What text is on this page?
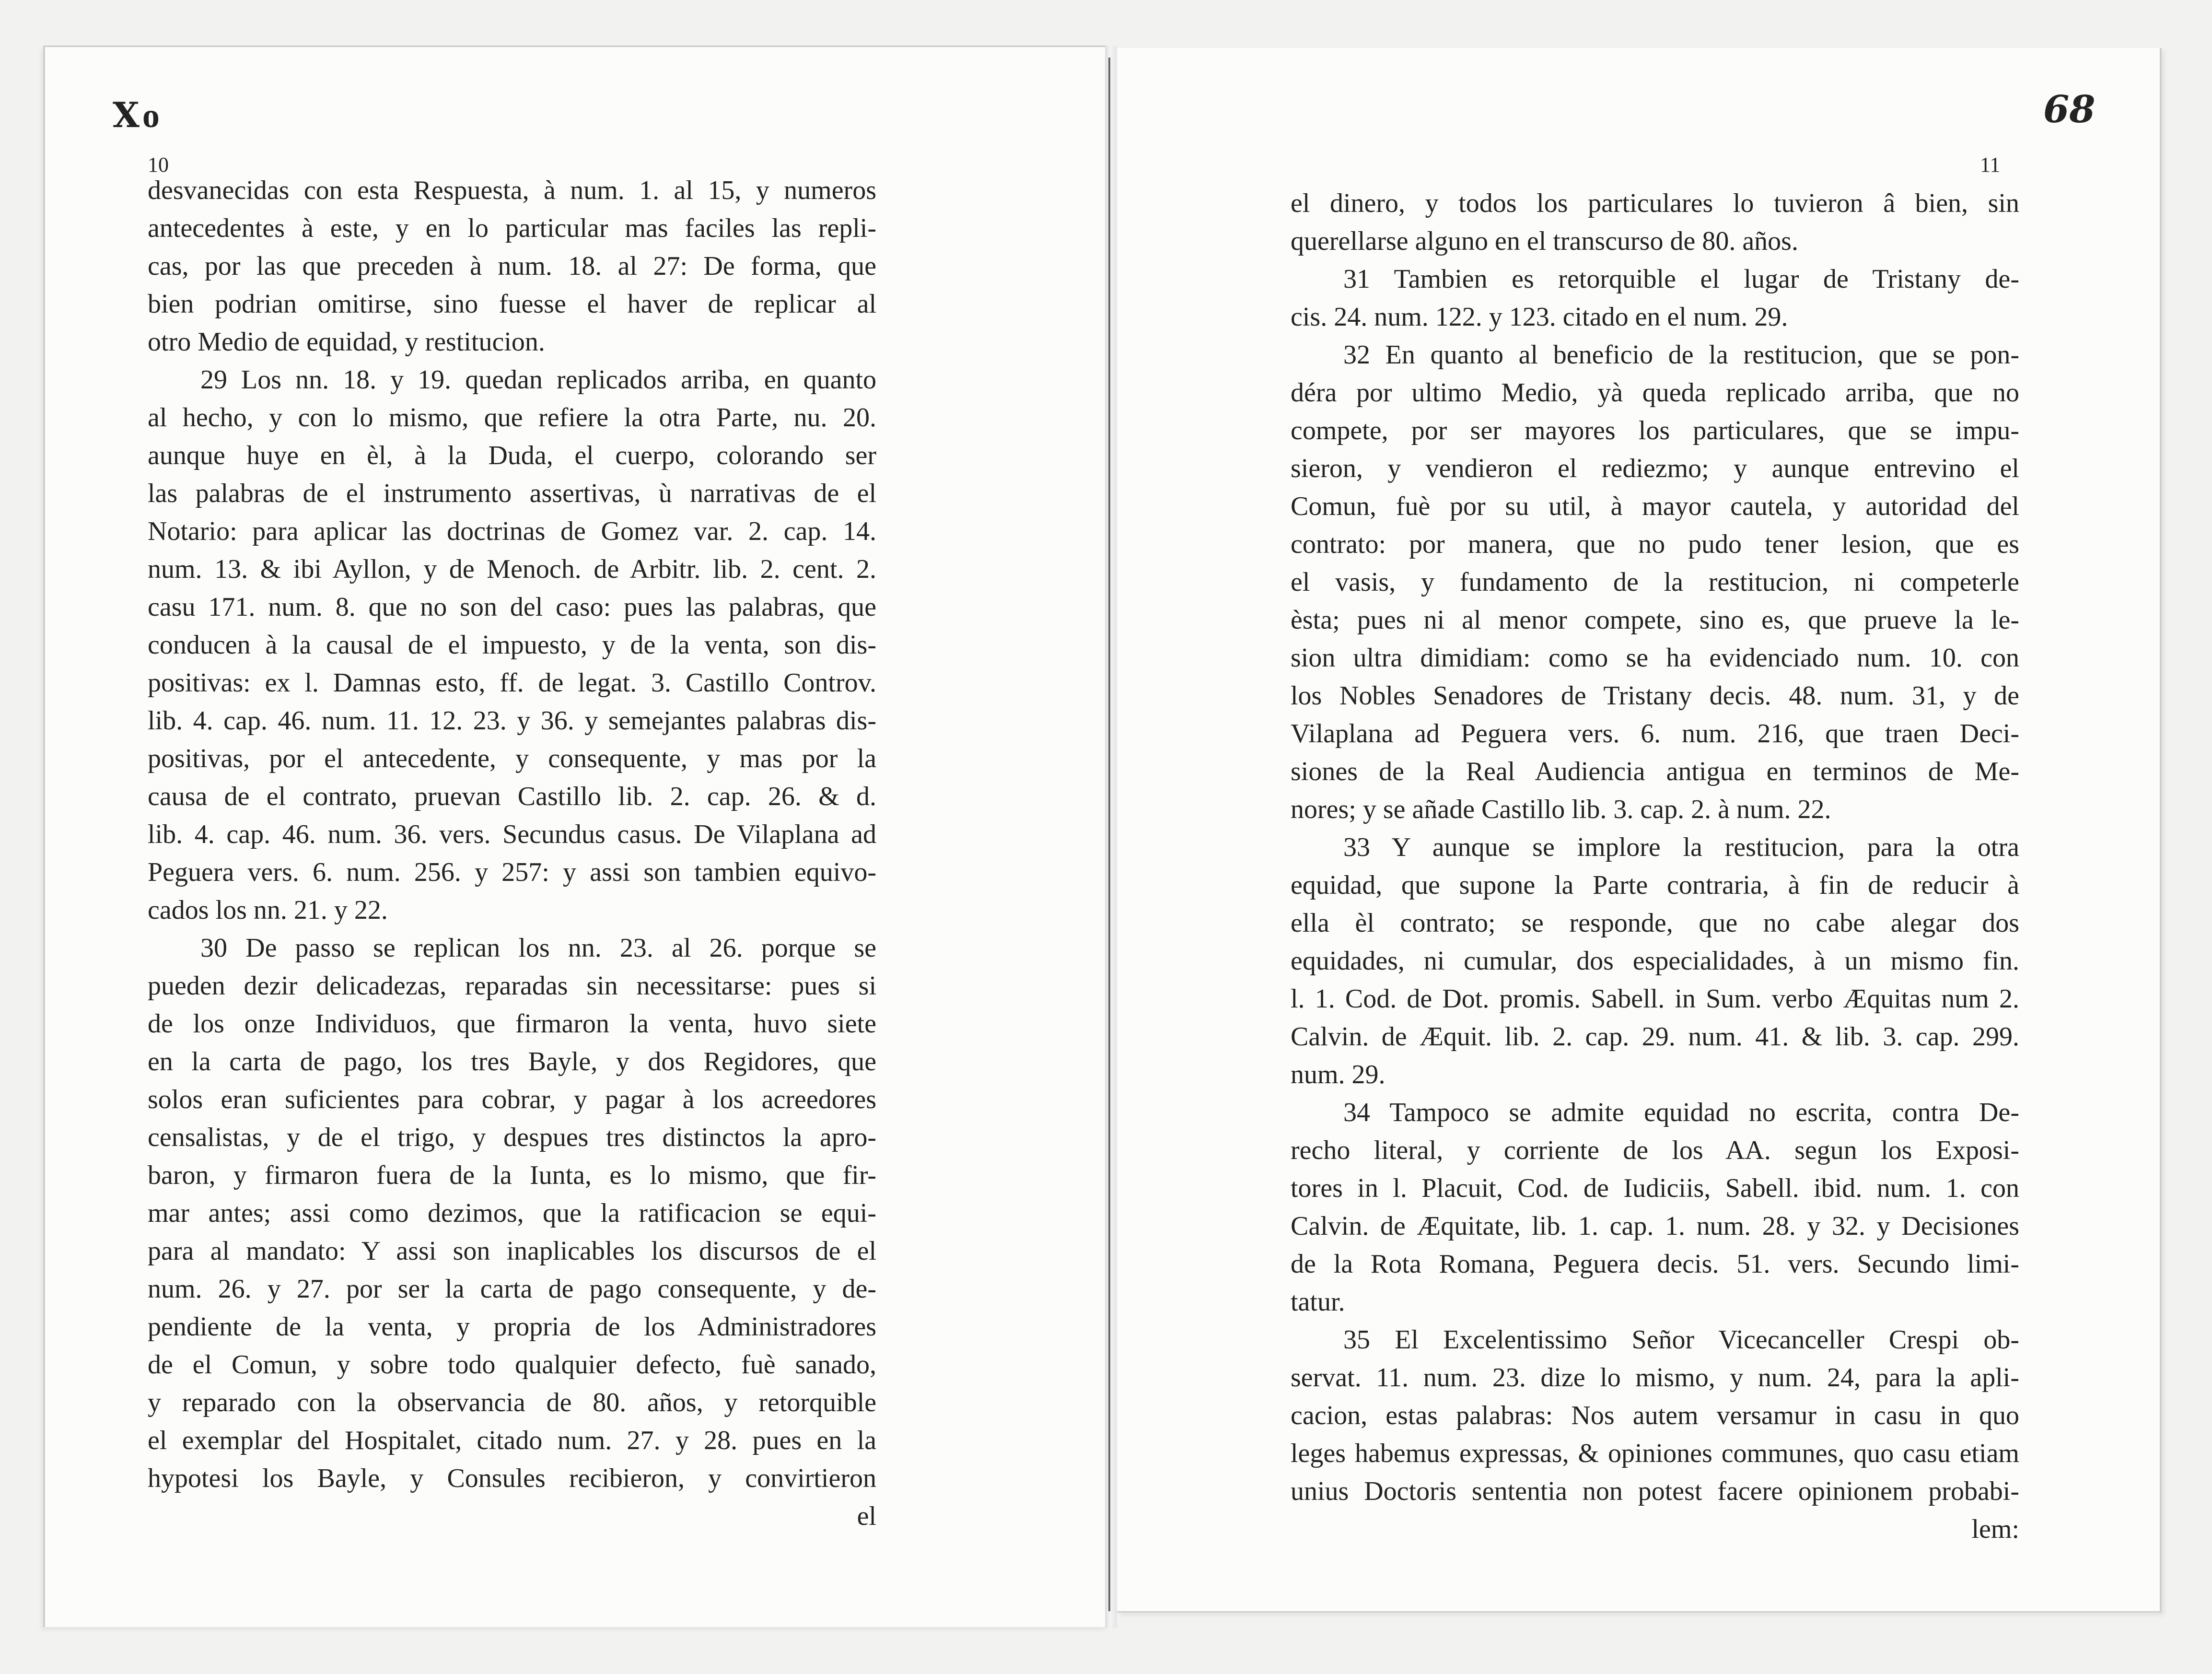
Ⅹo	68
10	11
desvanecidas con esta Respuesta, à num. 1. al 15, y numeros
antecedentes à este, y en lo particular mas faciles las repli-
cas, por las que preceden à num. 18. al 27: De forma, que
bien podrian omitirse, sino fuesse el haver de replicar al
otro Medio de equidad, y restitucion.
29 Los nn. 18. y 19. quedan replicados arriba, en quanto
al hecho, y con lo mismo, que refiere la otra Parte, nu. 20.
aunque huye en èl, à la Duda, el cuerpo, colorando ser
las palabras de el instrumento assertivas, ù narrativas de el
Notario: para aplicar las doctrinas de Gomez var. 2. cap. 14.
num. 13. & ibi Ayllon, y de Menoch. de Arbitr. lib. 2. cent. 2.
casu 171. num. 8. que no son del caso: pues las palabras, que
conducen à la causal de el impuesto, y de la venta, son dis-
positivas: ex l. Damnas esto, ff. de legat. 3. Castillo Controv.
lib. 4. cap. 46. num. 11. 12. 23. y 36. y semejantes palabras dis-
positivas, por el antecedente, y consequente, y mas por la
causa de el contrato, pruevan Castillo lib. 2. cap. 26. & d.
lib. 4. cap. 46. num. 36. vers. Secundus casus. De Vilaplana ad
Peguera vers. 6. num. 256. y 257: y assi son tambien equivo-
cados los nn. 21. y 22.
30 De passo se replican los nn. 23. al 26. porque se
pueden dezir delicadezas, reparadas sin necessitarse: pues si
de los onze Individuos, que firmaron la venta, huvo siete
en la carta de pago, los tres Bayle, y dos Regidores, que
solos eran suficientes para cobrar, y pagar à los acreedores
censalistas, y de el trigo, y despues tres distinctos la apro-
baron, y firmaron fuera de la Iunta, es lo mismo, que fir-
mar antes; assi como dezimos, que la ratificacion se equi-
para al mandato: Y assi son inaplicables los discursos de el
num. 26. y 27. por ser la carta de pago consequente, y de-
pendiente de la venta, y propria de los Administradores
de el Comun, y sobre todo qualquier defecto, fuè sanado,
y reparado con la observancia de 80. años, y retorquible
el exemplar del Hospitalet, citado num. 27. y 28. pues en la
hypotesi los Bayle, y Consules recibieron, y convirtieron
el
el dinero, y todos los particulares lo tuvieron â bien, sin
querellarse alguno en el transcurso de 80. años.
31 Tambien es retorquible el lugar de Tristany de-
cis. 24. num. 122. y 123. citado en el num. 29.
32 En quanto al beneficio de la restitucion, que se pon-
déra por ultimo Medio, yà queda replicado arriba, que no
compete, por ser mayores los particulares, que se impu-
sieron, y vendieron el rediezmo; y aunque entrevino el
Comun, fuè por su util, à mayor cautela, y autoridad del
contrato: por manera, que no pudo tener lesion, que es
el vasis, y fundamento de la restitucion, ni competerle
èsta; pues ni al menor compete, sino es, que prueve la le-
sion ultra dimidiam: como se ha evidenciado num. 10. con
los Nobles Senadores de Tristany decis. 48. num. 31, y de
Vilaplana ad Peguera vers. 6. num. 216, que traen Deci-
siones de la Real Audiencia antigua en terminos de Me-
nores; y se añade Castillo lib. 3. cap. 2. à num. 22.
33 Y aunque se implore la restitucion, para la otra
equidad, que supone la Parte contraria, à fin de reducir à
ella èl contrato; se responde, que no cabe alegar dos
equidades, ni cumular, dos especialidades, à un mismo fin.
l. 1. Cod. de Dot. promis. Sabell. in Sum. verbo Æquitas num 2.
Calvin. de Æquit. lib. 2. cap. 29. num. 41. & lib. 3. cap. 299.
num. 29.
34 Tampoco se admite equidad no escrita, contra De-
recho literal, y corriente de los AA. segun los Exposi-
tores in l. Placuit, Cod. de Iudiciis, Sabell. ibid. num. 1. con
Calvin. de Æquitate, lib. 1. cap. 1. num. 28. y 32. y Decisiones
de la Rota Romana, Peguera decis. 51. vers. Secundo limi-
tatur.
35 El Excelentissimo Señor Vicecanceller Crespi ob-
servat. 11. num. 23. dize lo mismo, y num. 24, para la apli-
cacion, estas palabras: Nos autem versamur in casu in quo
leges habemus expressas, & opiniones communes, quo casu etiam
unius Doctoris sententia non potest facere opinionem probabi-
lem:
